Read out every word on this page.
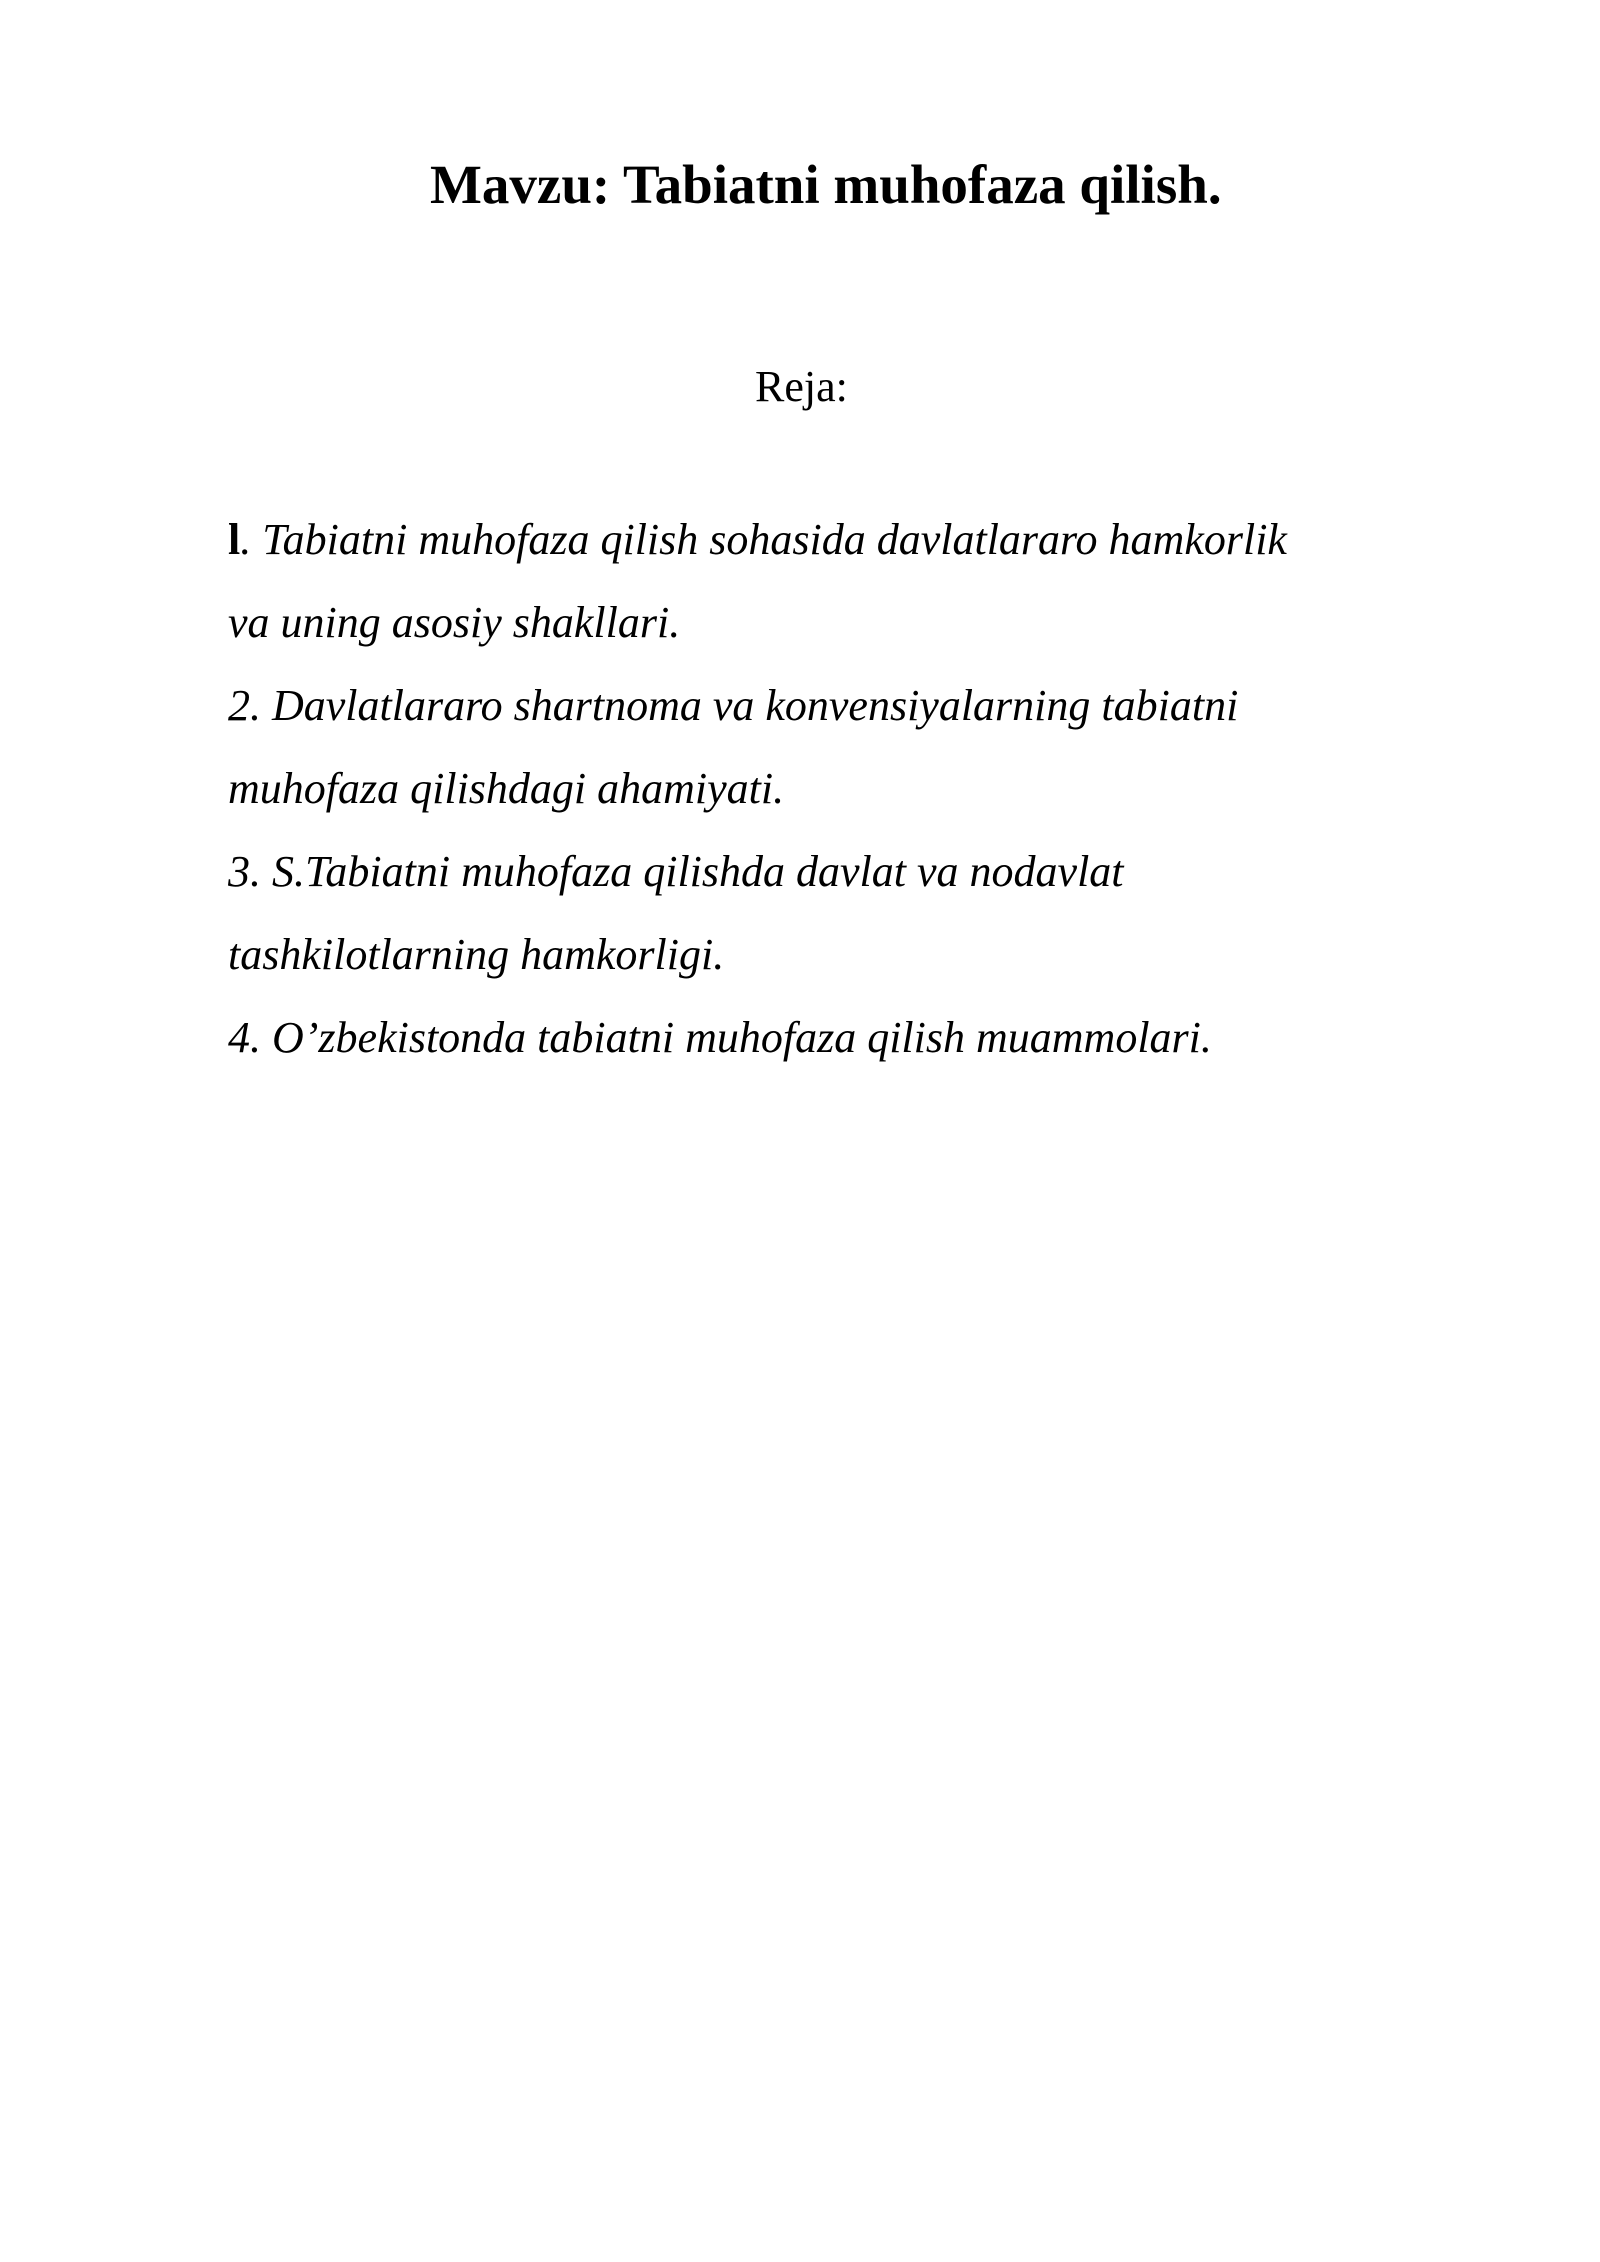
Mavzu: Tabiatni muhofaza qilish.
Reja:
l. Tabiatni muhofaza qilish sohasida davlatlararo hamkorlik
va uning asosiy shakllari.
2. Davlatlararo shartnoma va konvensiyalarning tabiatni
muhofaza qilishdagi ahamiyati.
3. S.Tabiatni muhofaza qilishda davlat va nodavlat
tashkilotlarning hamkorligi.
4. O’zbekistonda tabiatni muhofaza qilish muammolari.
